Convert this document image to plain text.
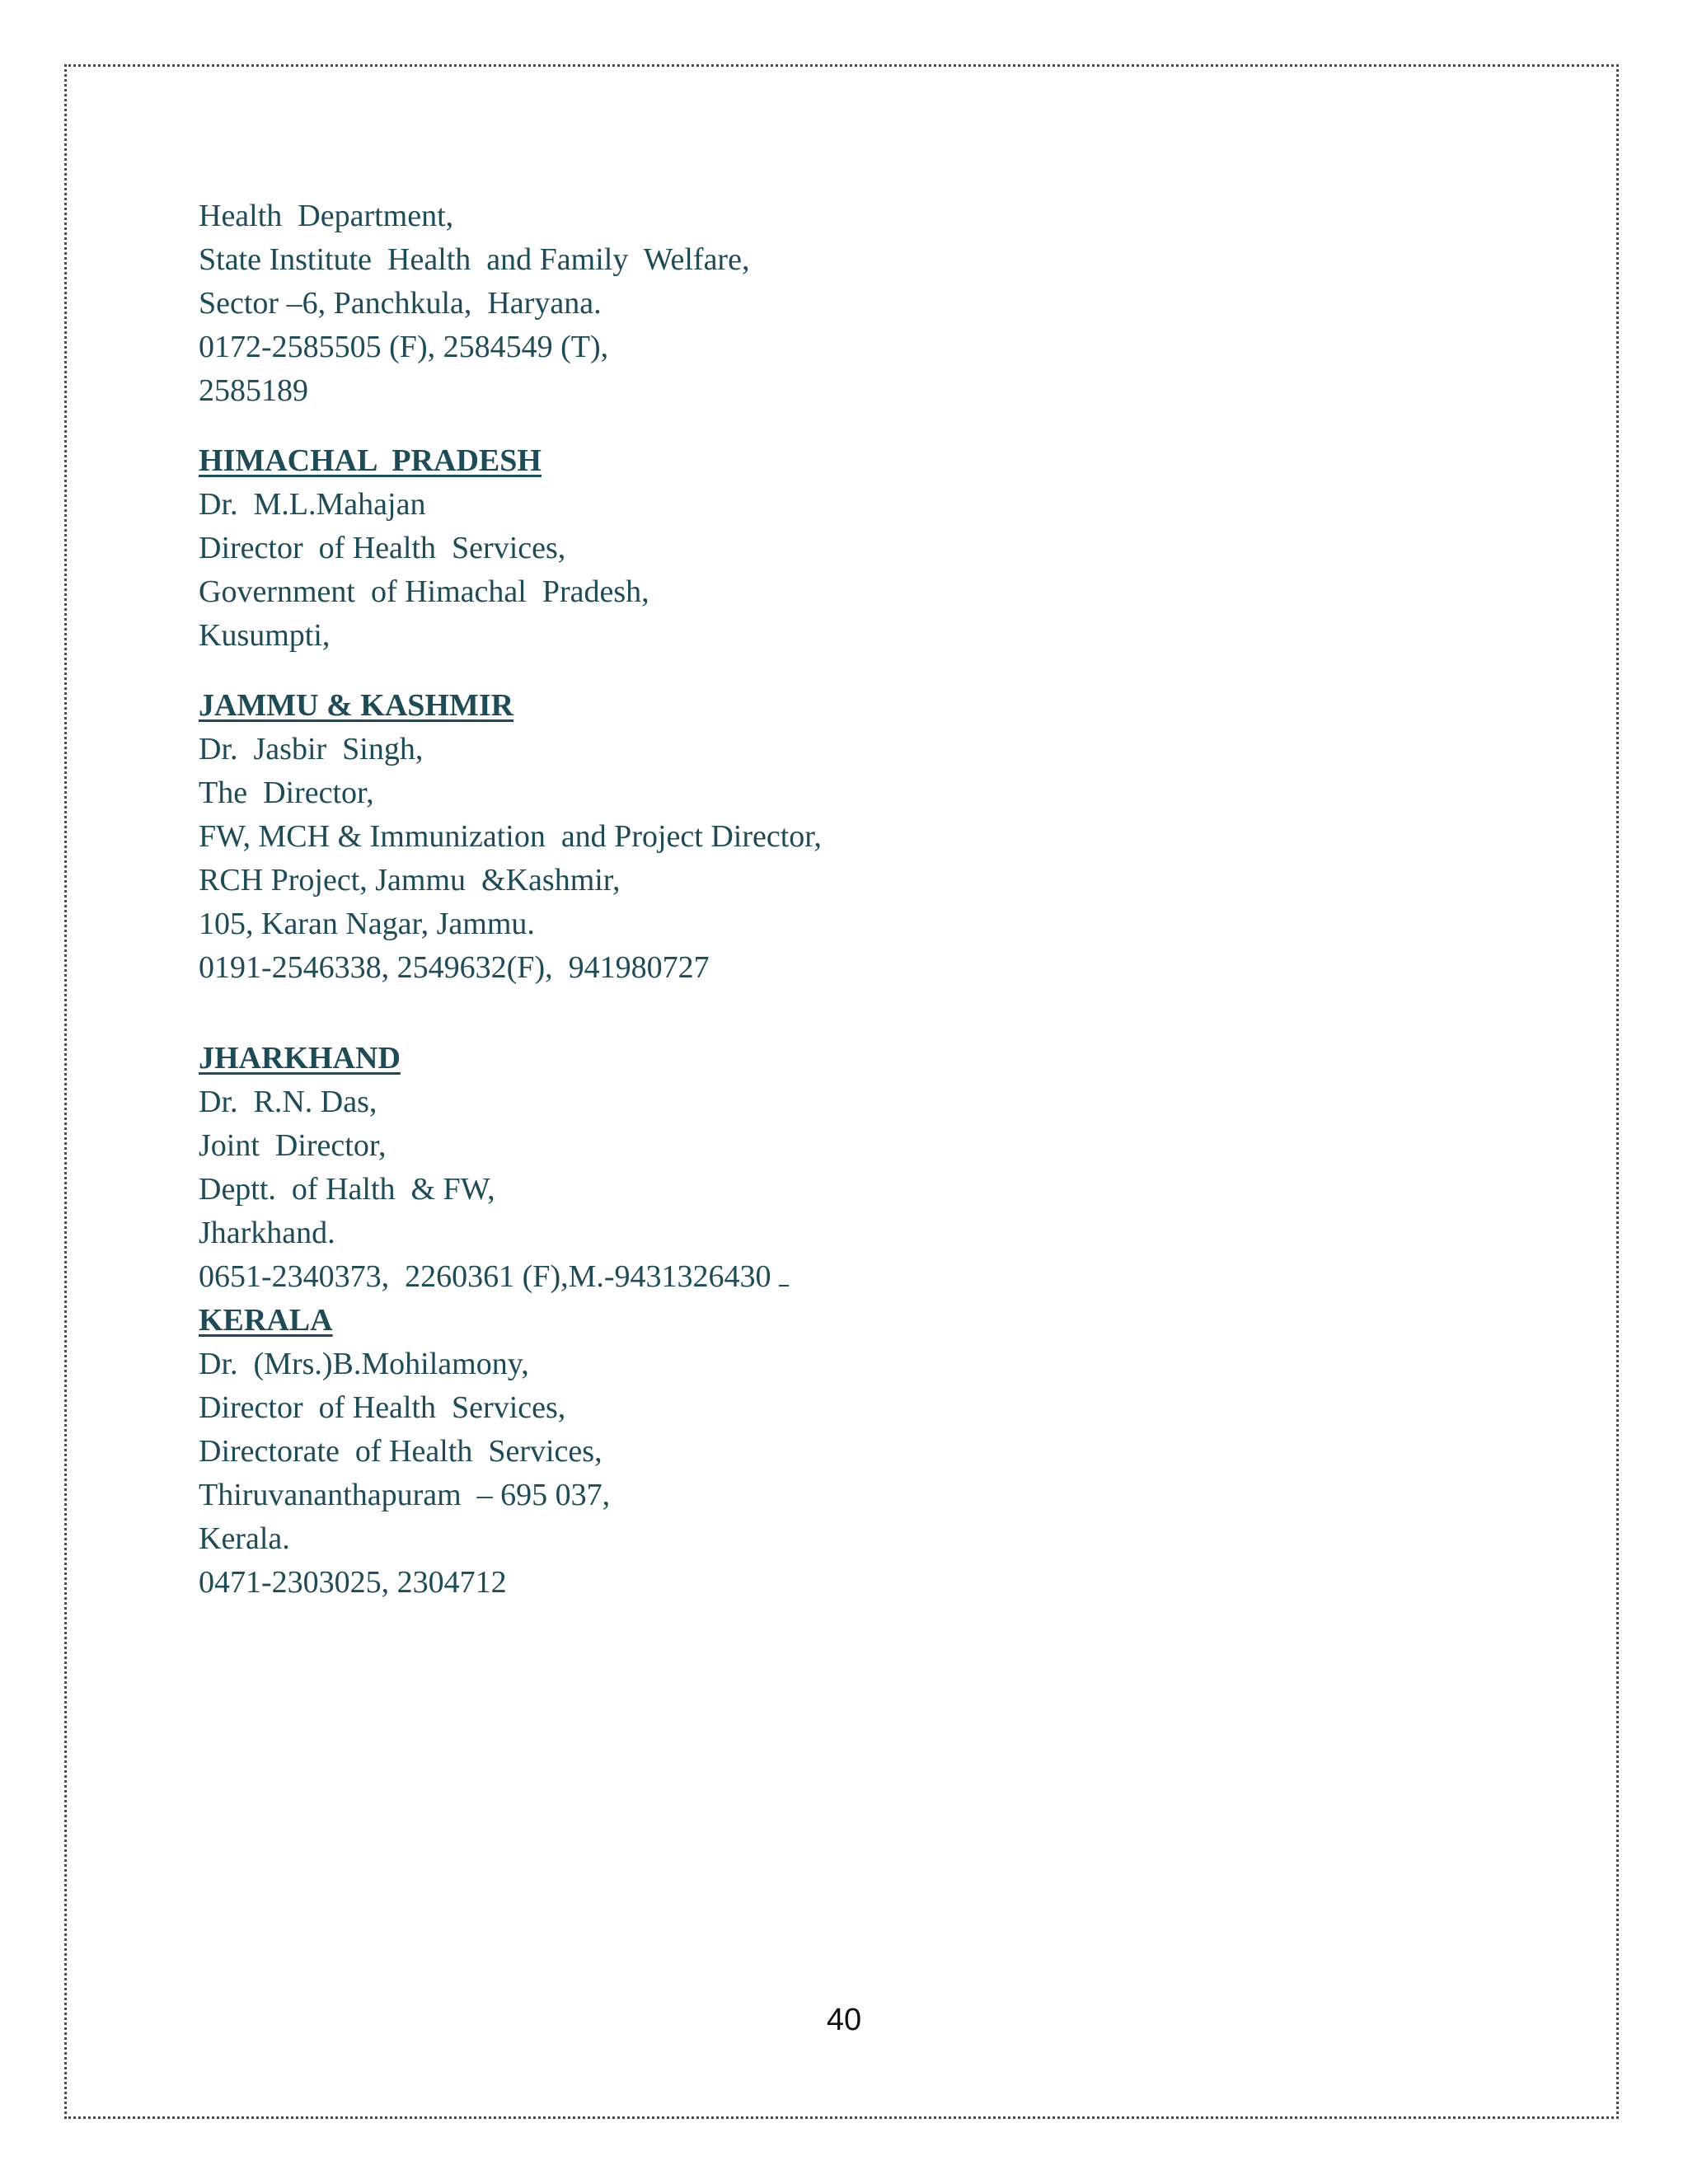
Health  Department,
State Institute  Health  and Family  Welfare,
Sector –6, Panchkula,  Haryana.
0172-2585505 (F), 2584549 (T),
2585189
HIMACHAL  PRADESH
Dr.  M.L.Mahajan
Director  of Health  Services,
Government  of Himachal  Pradesh,
Kusumpti,
JAMMU & KASHMIR
Dr.  Jasbir  Singh,
The  Director,
FW, MCH & Immunization  and Project Director,
RCH Project, Jammu  &Kashmir,
105, Karan Nagar, Jammu.
0191-2546338, 2549632(F),  941980727
JHARKHAND
Dr.  R.N. Das,
Joint  Director,
Deptt.  of Halth  & FW,
Jharkhand.
0651-2340373,  2260361 (F),M.-9431326430
KERALA
Dr.  (Mrs.)B.Mohilamony,
Director  of Health  Services,
Directorate  of Health  Services,
Thiruvananthapuram  – 695 037,
Kerala.
0471-2303025, 2304712
40
